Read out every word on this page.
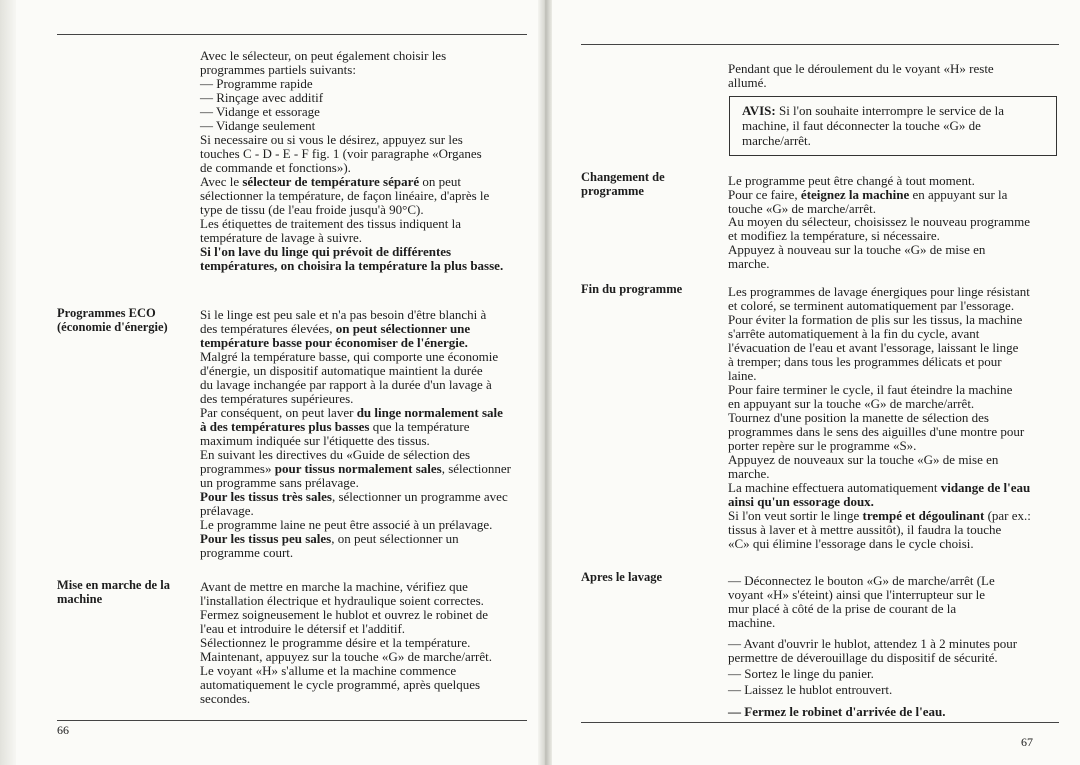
Programmes ECO
(économie d'énergie)
Mise en marche de la
machine
Avec le sélecteur, on peut également choisir les
programmes partiels suivants:
— Programme rapide
— Rinçage avec additif
— Vidange et essorage
— Vidange seulement
Si necessaire ou si vous le désirez, appuyez sur les
touches C - D - E - F fig. 1 (voir paragraphe «Organes
de commande et fonctions»).
Avec le sélecteur de température séparé on peut
sélectionner la température, de façon linéaire, d'après le
type de tissu (de l'eau froide jusqu'à 90°C).
Les étiquettes de traitement des tissus indiquent la
température de lavage à suivre.
Si l'on lave du linge qui prévoit de différentes
températures, on choisira la température la plus basse.
Si le linge est peu sale et n'a pas besoin d'être blanchi à
des températures élevées, on peut sélectionner une
température basse pour économiser de l'énergie.
Malgré la température basse, qui comporte une économie
d'énergie, un dispositif automatique maintient la durée
du lavage inchangée par rapport à la durée d'un lavage à
des températures supérieures.
Par conséquent, on peut laver du linge normalement sale
à des températures plus basses que la température
maximum indiquée sur l'étiquette des tissus.
En suivant les directives du «Guide de sélection des
programmes» pour tissus normalement sales, sélectionner
un programme sans prélavage.
Pour les tissus très sales, sélectionner un programme avec
prélavage.
Le programme laine ne peut être associé à un prélavage.
Pour les tissus peu sales, on peut sélectionner un
programme court.
Avant de mettre en marche la machine, vérifiez que
l'installation électrique et hydraulique soient correctes.
Fermez soigneusement le hublot et ouvrez le robinet de
l'eau et introduire le détersif et l'additif.
Sélectionnez le programme désire et la température.
Maintenant, appuyez sur la touche «G» de marche/arrêt.
Le voyant «H» s'allume et la machine commence
automatiquement le cycle programmé, après quelques
secondes.
66
Changement de
programme
Fin du programme
Apres le lavage
Pendant que le déroulement du le voyant «H» reste
allumé.
Le programme peut être changé à tout moment.
Pour ce faire, éteignez la machine en appuyant sur la
touche «G» de marche/arrêt.
Au moyen du sélecteur, choisissez le nouveau programme
et modifiez la température, si nécessaire.
Appuyez à nouveau sur la touche «G» de mise en
marche.
Les programmes de lavage énergiques pour linge résistant
et coloré, se terminent automatiquement par l'essorage.
Pour éviter la formation de plis sur les tissus, la machine
s'arrête automatiquement à la fin du cycle, avant
l'évacuation de l'eau et avant l'essorage, laissant le linge
à tremper; dans tous les programmes délicats et pour
laine.
Pour faire terminer le cycle, il faut éteindre la machine
en appuyant sur la touche «G» de marche/arrêt.
Tournez d'une position la manette de sélection des
programmes dans le sens des aiguilles d'une montre pour
porter repère sur le programme «S».
Appuyez de nouveaux sur la touche «G» de mise en
marche.
La machine effectuera automatiquement vidange de l'eau
ainsi qu'un essorage doux.
Si l'on veut sortir le linge trempé et dégoulinant (par ex.:
tissus à laver et à mettre aussitôt), il faudra la touche
«C» qui élimine l'essorage dans le cycle choisi.
— Déconnectez le bouton «G» de marche/arrêt (Le
voyant «H» s'éteint) ainsi que l'interrupteur sur le
mur placé à côté de la prise de courant de la
machine.
— Avant d'ouvrir le hublot, attendez 1 à 2 minutes pour
permettre de déverouillage du dispositif de sécurité.
— Sortez le linge du panier.
— Laissez le hublot entrouvert.
— Fermez le robinet d'arrivée de l'eau.
67
AVIS: Si l'on souhaite interrompre le service de la
machine, il faut déconnecter la touche «G» de
marche/arrêt.
